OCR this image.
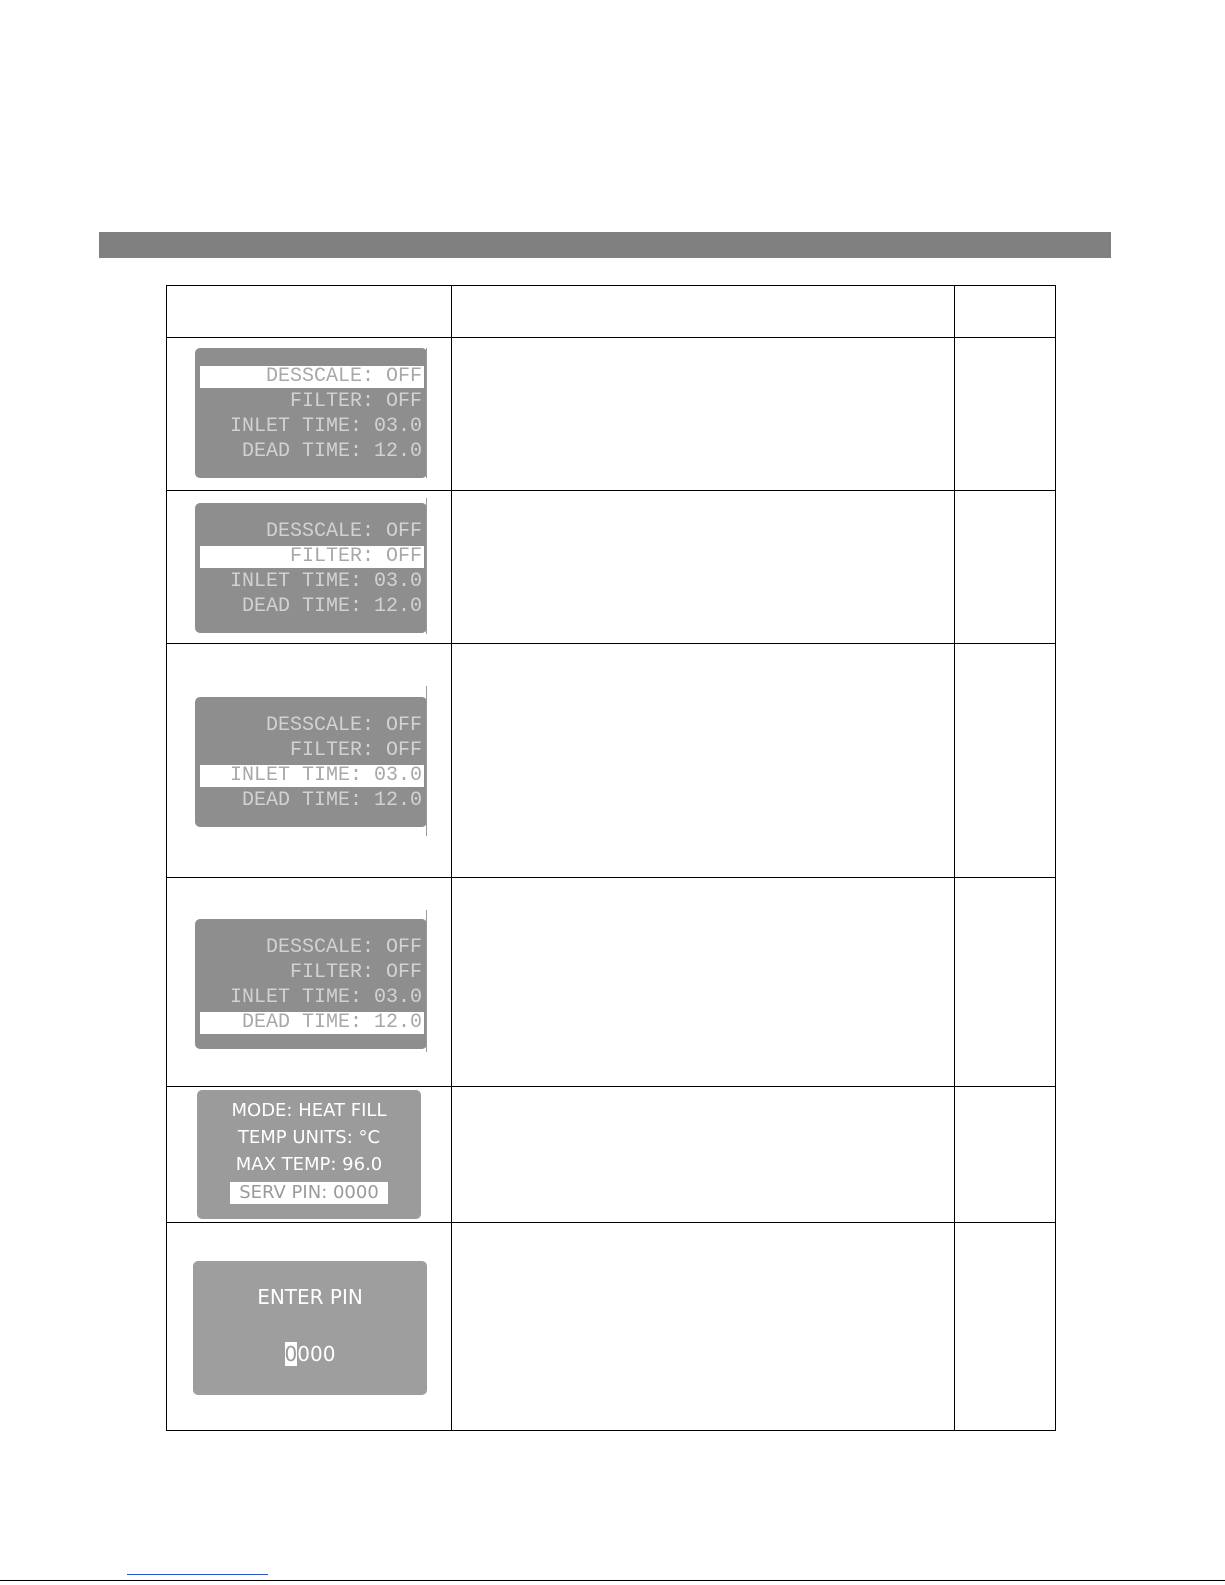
DESSCALE: OFF
FILTER: OFF
INLET TIME: 03.0
DEAD TIME: 12.0
DESSCALE: OFF
FILTER: OFF
INLET TIME: 03.0
DEAD TIME: 12.0
DESSCALE: OFF
FILTER: OFF
INLET TIME: 03.0
DEAD TIME: 12.0
DESSCALE: OFF
FILTER: OFF
INLET TIME: 03.0
DEAD TIME: 12.0
MODE: HEAT FILL
TEMP UNITS: °C
MAX TEMP: 96.0
SERV PIN: 0000
ENTER PIN
0000
